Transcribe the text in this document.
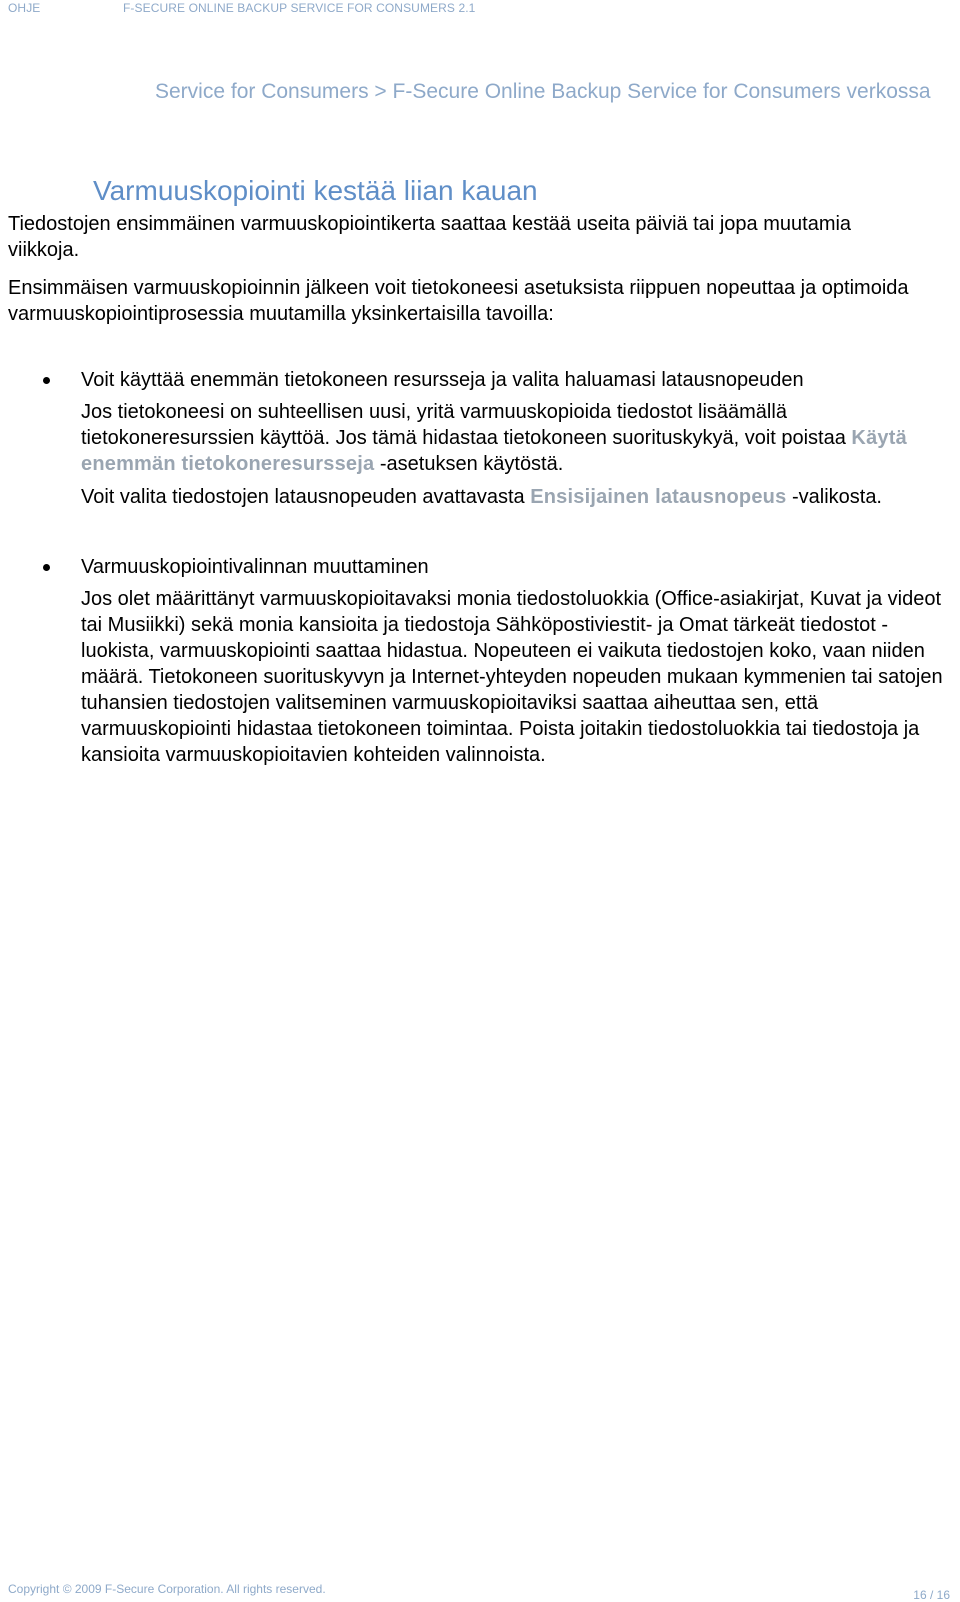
OHJE	F-SECURE ONLINE BACKUP SERVICE FOR CONSUMERS 2.1
Service for Consumers > F-Secure Online Backup Service for Consumers verkossa
Varmuuskopiointi kestää liian kauan

Tiedostojen ensimmäinen varmuuskopiointikerta saattaa kestää useita päiviä tai jopa muutamia viikkoja.

Ensimmäisen varmuuskopioinnin jälkeen voit tietokoneesi asetuksista riippuen nopeuttaa ja optimoida varmuuskopiointiprosessia muutamilla yksinkertaisilla tavoilla:

Voit käyttää enemmän tietokoneen resursseja ja valita haluamasi latausnopeuden

Jos tietokoneesi on suhteellisen uusi, yritä varmuuskopioida tiedostot lisäämällä tietokoneresurssien käyttöä. Jos tämä hidastaa tietokoneen suorituskykyä, voit poistaa Käytä enemmän tietokoneresursseja -asetuksen käytöstä.

Voit valita tiedostojen latausnopeuden avattavasta Ensisijainen latausnopeus -valikosta.

Varmuuskopiointivalinnan muuttaminen

Jos olet määrittänyt varmuuskopioitavaksi monia tiedostoluokkia (Office-asiakirjat, Kuvat ja videot tai Musiikki) sekä monia kansioita ja tiedostoja Sähköpostiviestit- ja Omat tärkeät tiedostot -luokista, varmuuskopiointi saattaa hidastua. Nopeuteen ei vaikuta tiedostojen koko, vaan niiden määrä. Tietokoneen suorituskyvyn ja Internet-yhteyden nopeuden mukaan kymmenien tai satojen tuhansien tiedostojen valitseminen varmuuskopioitaviksi saattaa aiheuttaa sen, että varmuuskopiointi hidastaa tietokoneen toimintaa. Poista joitakin tiedostoluokkia tai tiedostoja ja kansioita varmuuskopioitavien kohteiden valinnoista.

Copyright © 2009 F-Secure Corporation. All rights reserved.	16 / 16
